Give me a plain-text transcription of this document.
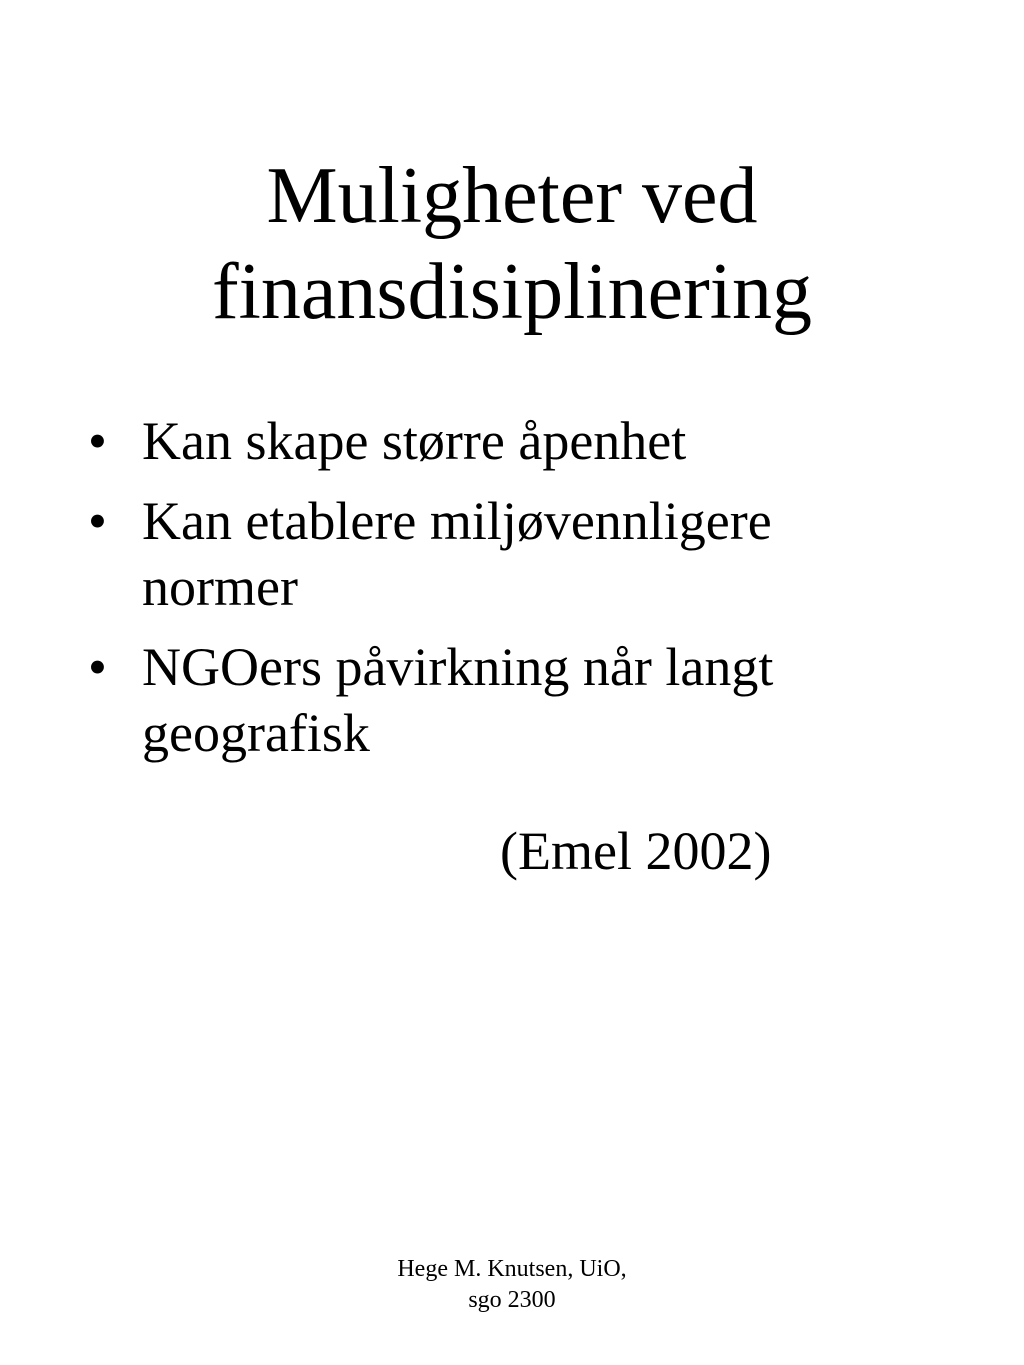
Muligheter ved
finansdisiplinering
• Kan skape større åpenhet
• Kan etablere miljøvennligere
normer
• NGOers påvirkning når langt
geografisk

(Emel 2002)

Hege M. Knutsen, UiO,
sgo 2300
